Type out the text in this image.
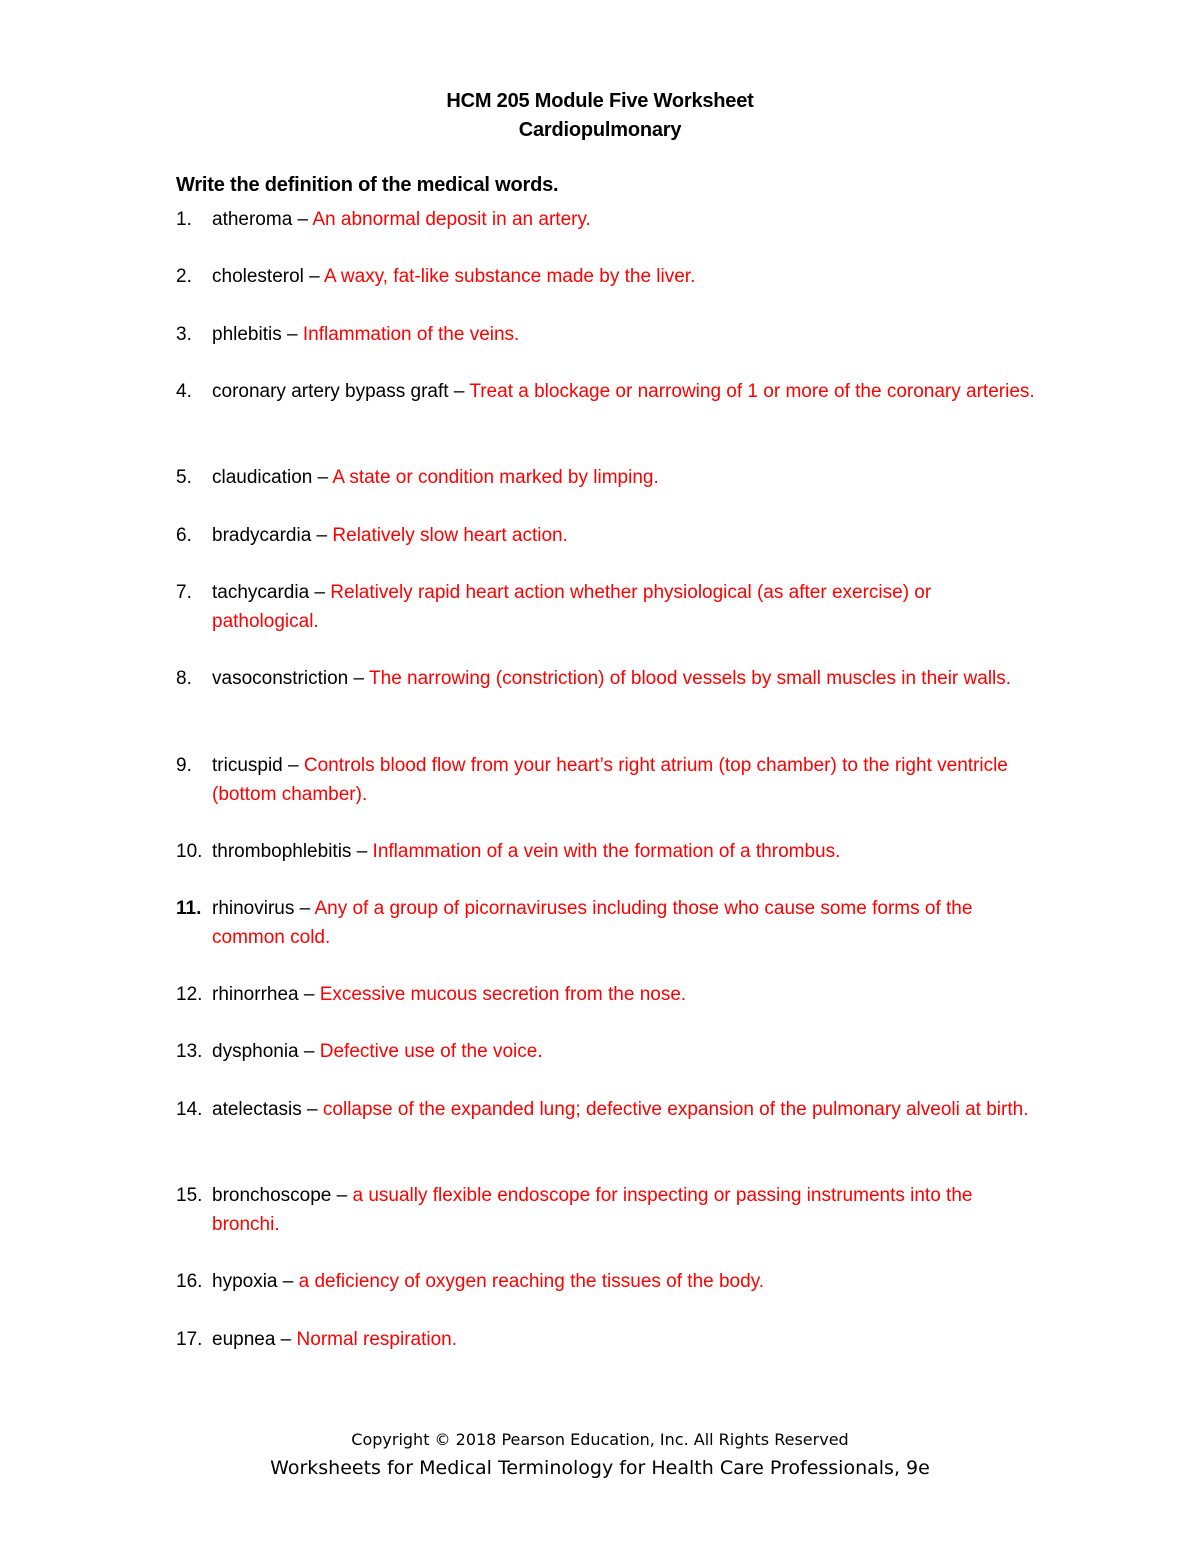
HCM 205 Module Five Worksheet
Cardiopulmonary
Write the definition of the medical words.
1.	atheroma – An abnormal deposit in an artery.
2.	cholesterol – A waxy, fat-like substance made by the liver.
3.	phlebitis – Inflammation of the veins.
4.	coronary artery bypass graft – Treat a blockage or narrowing of 1 or more of the coronary arteries.
5.	claudication – A state or condition marked by limping.
6.	bradycardia – Relatively slow heart action.
7.	tachycardia – Relatively rapid heart action whether physiological (as after exercise) or pathological.
8.	vasoconstriction – The narrowing (constriction) of blood vessels by small muscles in their walls.
9.	tricuspid – Controls blood flow from your heart’s right atrium (top chamber) to the right ventricle (bottom chamber).
10. thrombophlebitis – Inflammation of a vein with the formation of a thrombus.
11. rhinovirus – Any of a group of picornaviruses including those who cause some forms of the common cold.
12. rhinorrhea – Excessive mucous secretion from the nose.
13. dysphonia – Defective use of the voice.
14. atelectasis – collapse of the expanded lung; defective expansion of the pulmonary alveoli at birth.
15. bronchoscope – a usually flexible endoscope for inspecting or passing instruments into the bronchi.
16. hypoxia – a deficiency of oxygen reaching the tissues of the body.
17. eupnea – Normal respiration.
Copyright © 2018 Pearson Education, Inc. All Rights Reserved
Worksheets for Medical Terminology for Health Care Professionals, 9e
